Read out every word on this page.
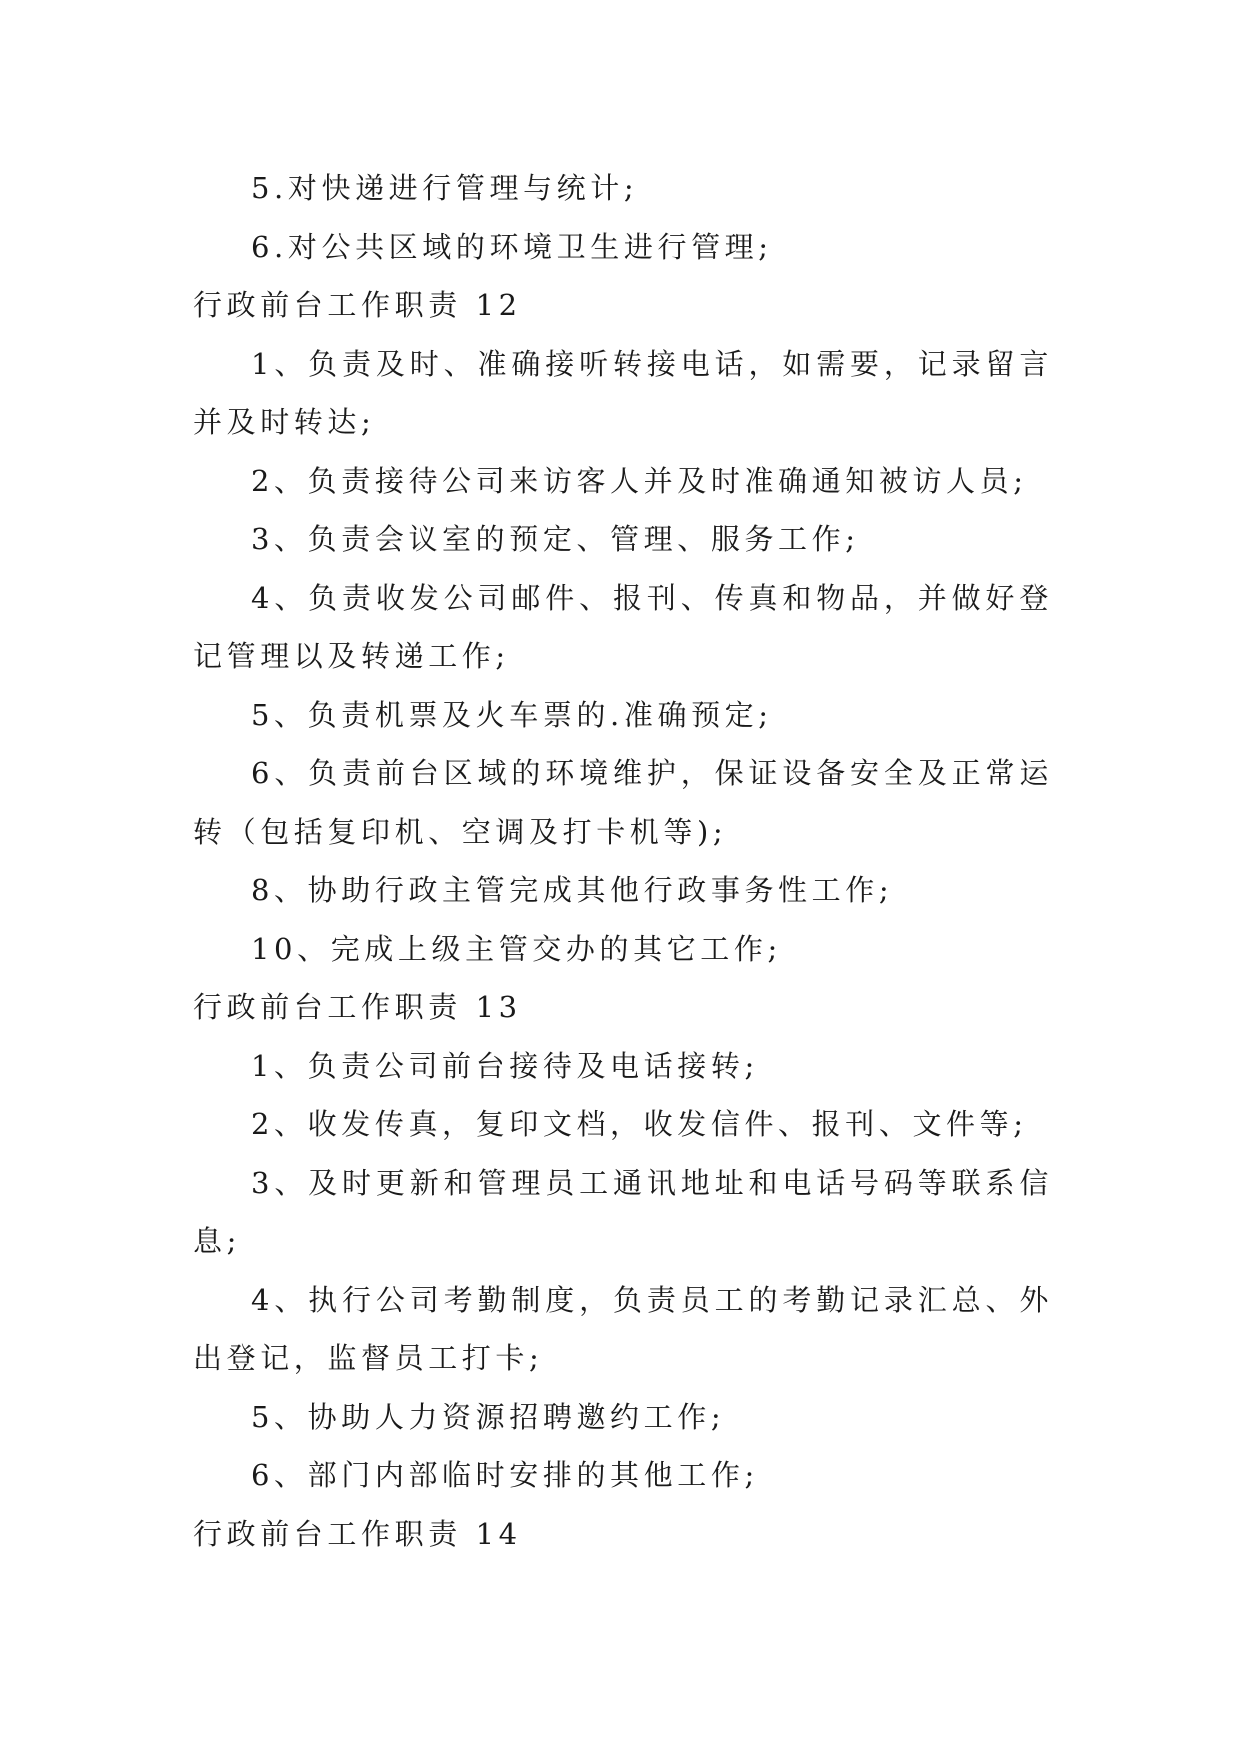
5.对快递进行管理与统计;

6.对公共区域的环境卫生进行管理;

行政前台工作职责 12

1、负责及时、准确接听转接电话，如需要，记录留言并及时转达;

2、负责接待公司来访客人并及时准确通知被访人员;

3、负责会议室的预定、管理、服务工作;

4、负责收发公司邮件、报刊、传真和物品，并做好登记管理以及转递工作;

5、负责机票及火车票的.准确预定;

6、负责前台区域的环境维护，保证设备安全及正常运转（包括复印机、空调及打卡机等);

8、协助行政主管完成其他行政事务性工作;

10、完成上级主管交办的其它工作;

行政前台工作职责 13

1、负责公司前台接待及电话接转;

2、收发传真，复印文档，收发信件、报刊、文件等;

3、及时更新和管理员工通讯地址和电话号码等联系信息;

4、执行公司考勤制度，负责员工的考勤记录汇总、外出登记，监督员工打卡;

5、协助人力资源招聘邀约工作;

6、部门内部临时安排的其他工作;

行政前台工作职责 14
